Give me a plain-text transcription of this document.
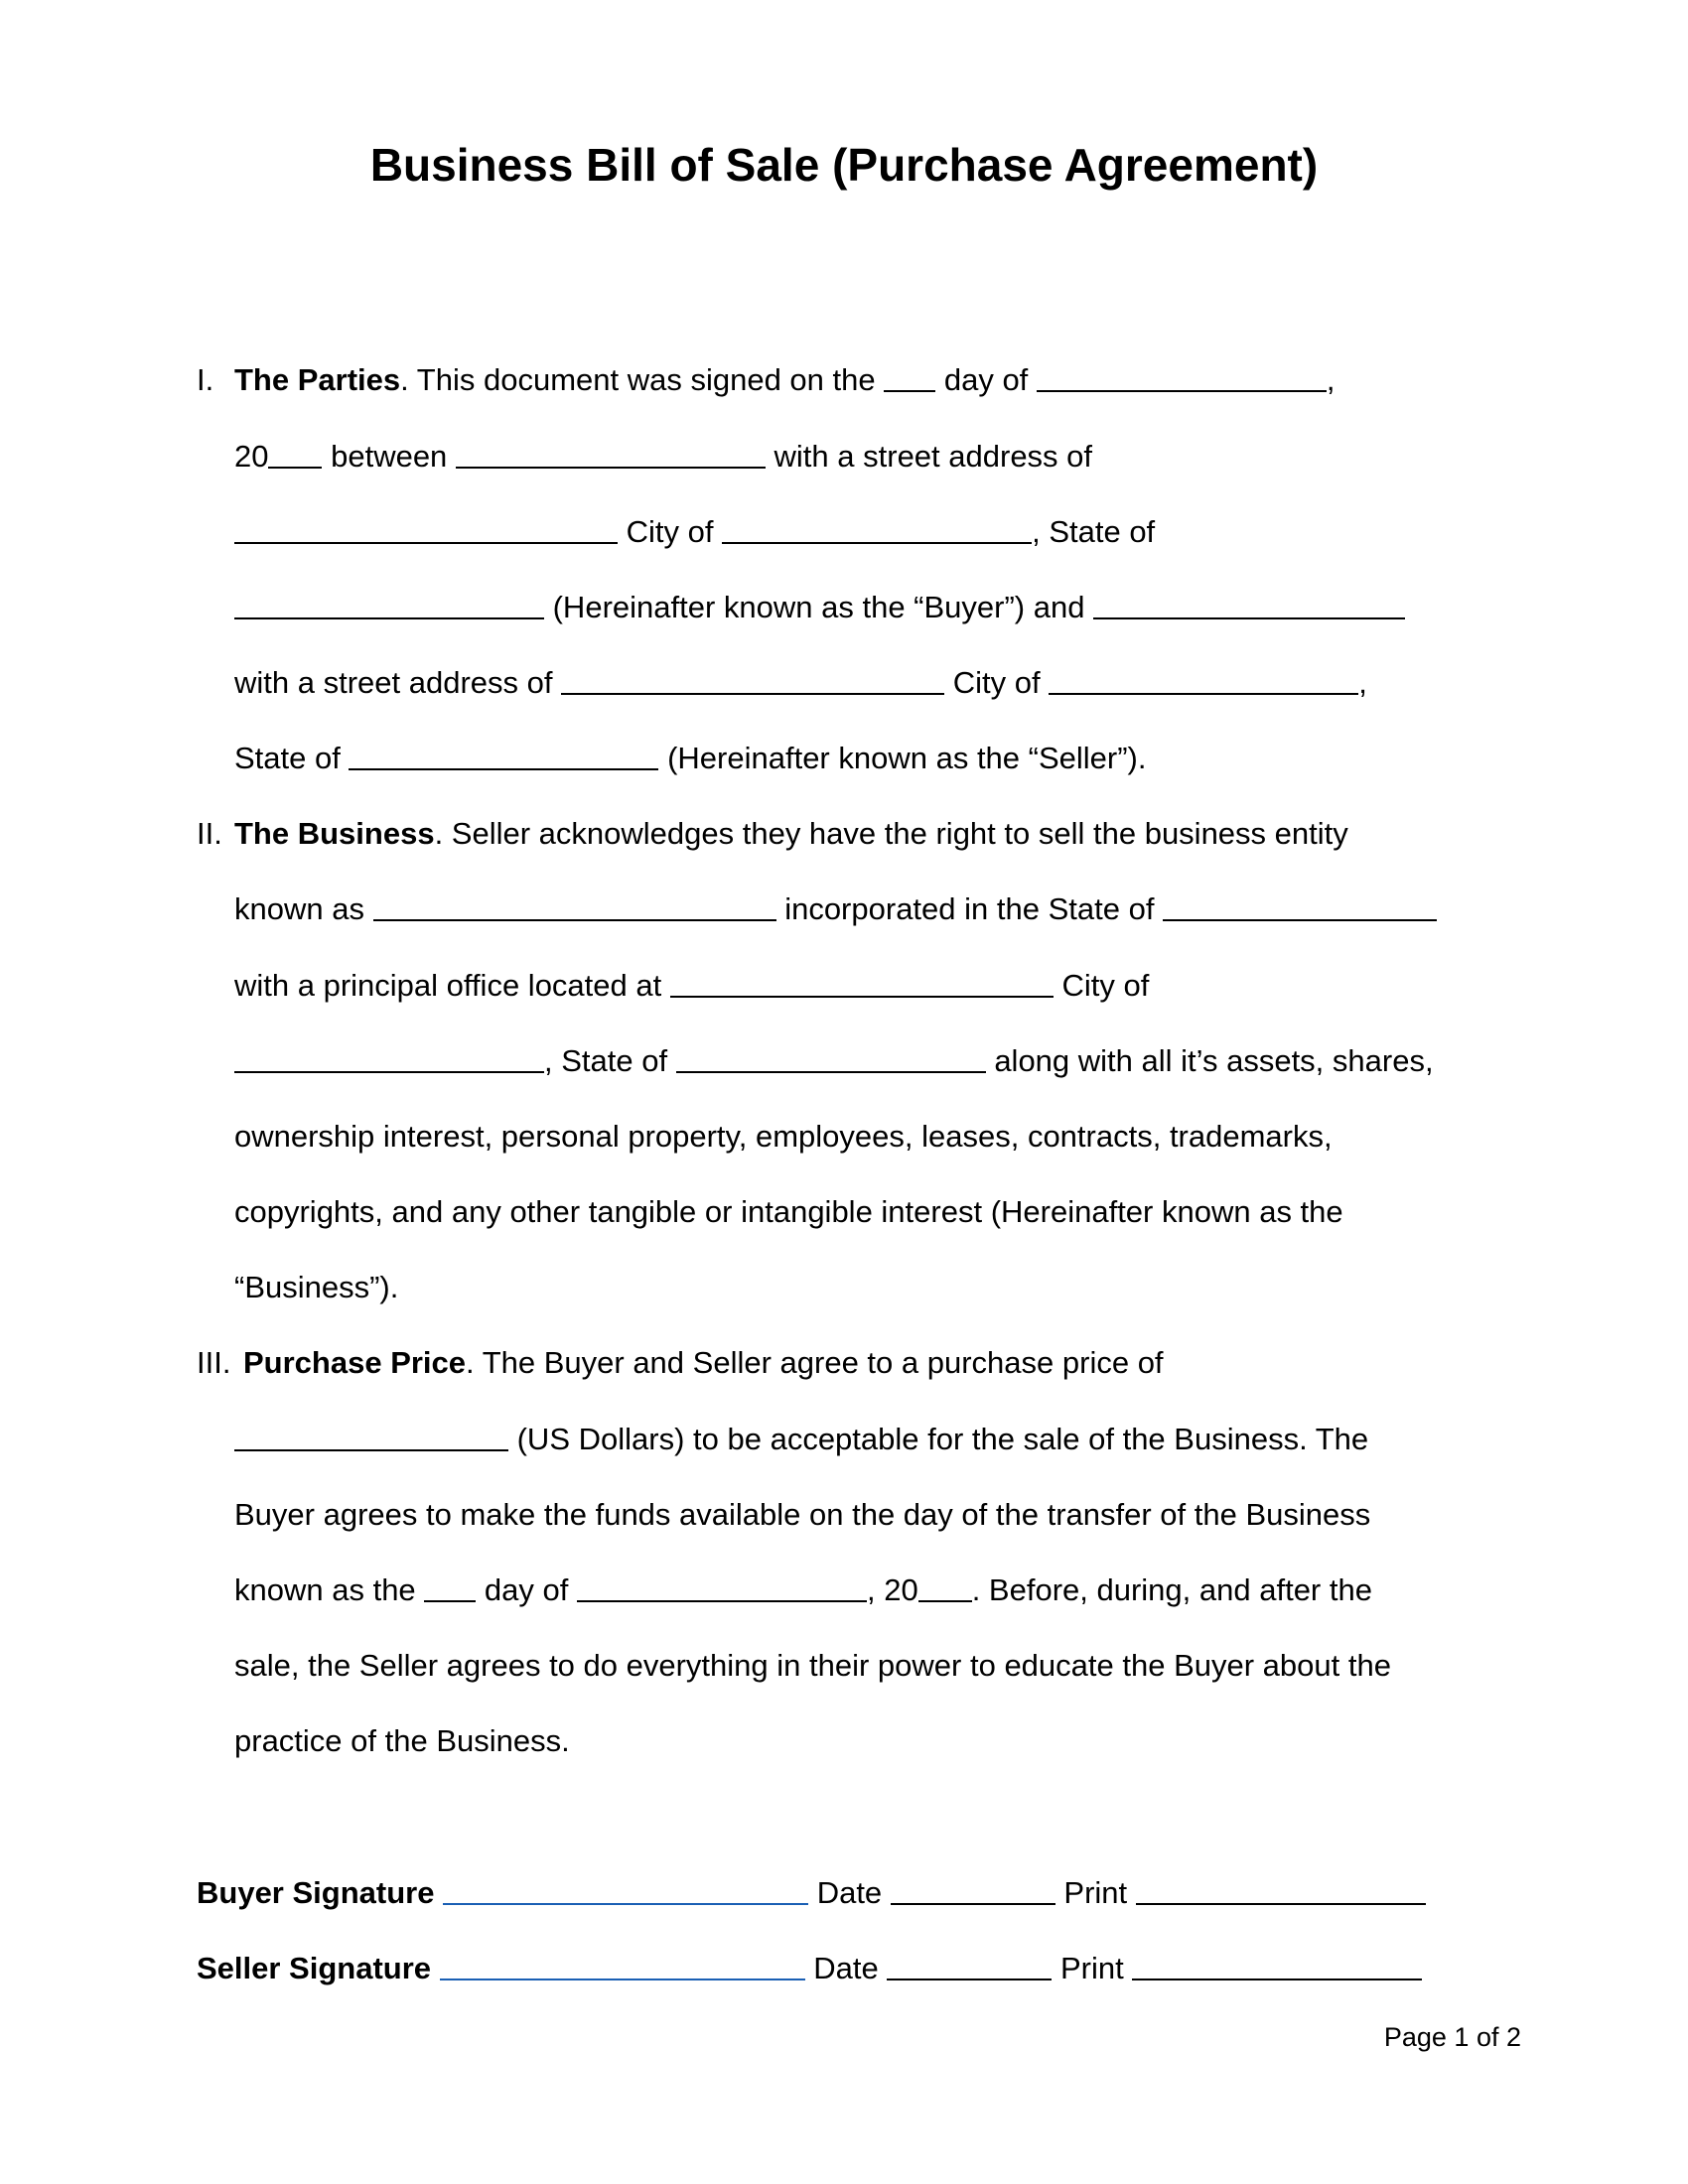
Business Bill of Sale (Purchase Agreement)
I. The Parties. This document was signed on the  day of	,
20 between	with a street address of
City of	, State of
(Hereinafter known as the “Buyer”) and
with a street address of	City of	,
State of	(Hereinafter known as the “Seller”).
II. The Business. Seller acknowledges they have the right to sell the business entity
known as	incorporated in the State of
with a principal office located at	City of
, State of	along with all it’s assets, shares,
ownership interest, personal property, employees, leases, contracts, trademarks,
copyrights, and any other tangible or intangible interest (Hereinafter known as the
“Business”).
III. Purchase Price. The Buyer and Seller agree to a purchase price of
(US Dollars) to be acceptable for the sale of the Business. The
Buyer agrees to make the funds available on the day of the transfer of the Business
known as the  day of	, 20 . Before, during, and after the
sale, the Seller agrees to do everything in their power to educate the Buyer about the
practice of the Business.
Buyer Signature	Date	Print
Seller Signature	Date	Print
Page 1 of 2
